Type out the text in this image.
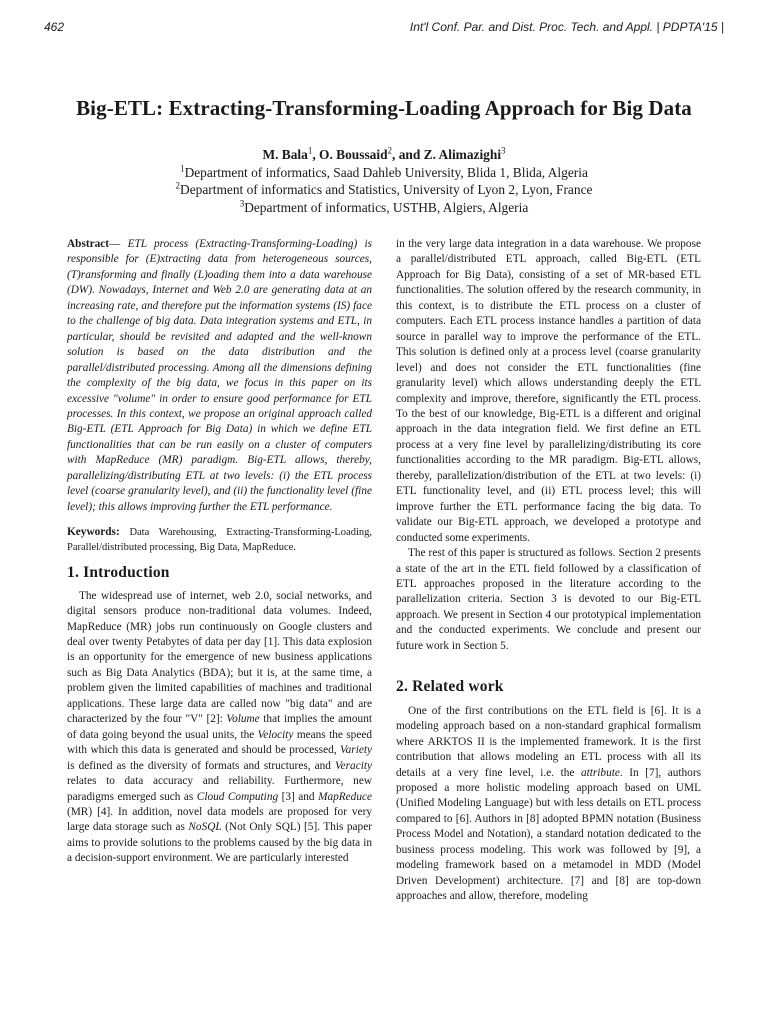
462	Int'l Conf. Par. and Dist. Proc. Tech. and Appl. | PDPTA'15 |
Big-ETL: Extracting-Transforming-Loading Approach for Big Data
M. Bala$^1$, O. Boussaid$^2$, and Z. Alimazighi$^3$
$^1$Department of informatics, Saad Dahleb University, Blida 1, Blida, Algeria
$^2$Department of informatics and Statistics, University of Lyon 2, Lyon, France
$^3$Department of informatics, USTHB, Algiers, Algeria

Abstract— ETL process (Extracting-Transforming-Loading) is responsible for (E)xtracting data from heterogeneous sources, (T)ransforming and finally (L)oading them into a data warehouse (DW). Nowadays, Internet and Web 2.0 are generating data at an increasing rate, and therefore put the information systems (IS) face to the challenge of big data. Data integration systems and ETL, in particular, should be revisited and adapted and the well-known solution is based on the data distribution and the parallel/distributed processing. Among all the dimensions defining the complexity of the big data, we focus in this paper on its excessive "volume" in order to ensure good performance for ETL processes. In this context, we propose an original approach called Big-ETL (ETL Approach for Big Data) in which we define ETL functionalities that can be run easily on a cluster of computers with MapReduce (MR) paradigm. Big-ETL allows, thereby, parallelizing/distributing ETL at two levels: (i) the ETL process level (coarse granularity level), and (ii) the functionality level (fine level); this allows improving further the ETL performance.

Keywords: Data Warehousing, Extracting-Transforming-Loading, Parallel/distributed processing, Big Data, MapReduce.

1. Introduction

The widespread use of internet, web 2.0, social networks, and digital sensors produce non-traditional data volumes. Indeed, MapReduce (MR) jobs run continuously on Google clusters and deal over twenty Petabytes of data per day [1]. This data explosion is an opportunity for the emergence of new business applications such as Big Data Analytics (BDA); but it is, at the same time, a problem given the limited capabilities of machines and traditional applications. These large data are called now "big data" and are characterized by the four "V" [2]: Volume that implies the amount of data going beyond the usual units, the Velocity means the speed with which this data is generated and should be processed, Variety is defined as the diversity of formats and structures, and Veracity relates to data accuracy and reliability. Furthermore, new paradigms emerged such as Cloud Computing [3] and MapReduce (MR) [4]. In addition, novel data models are proposed for very large data storage such as NoSQL (Not Only SQL) [5]. This paper aims to provide solutions to the problems caused by the big data in a decision-support environment. We are particularly interested

in the very large data integration in a data warehouse. We propose a parallel/distributed ETL approach, called Big-ETL (ETL Approach for Big Data), consisting of a set of MR-based ETL functionalities. The solution offered by the research community, in this context, is to distribute the ETL process on a cluster of computers. Each ETL process instance handles a partition of data source in parallel way to improve the performance of the ETL. This solution is defined only at a process level (coarse granularity level) and does not consider the ETL functionalities (fine granularity level) which allows understanding deeply the ETL complexity and improve, therefore, significantly the ETL process. To the best of our knowledge, Big-ETL is a different and original approach in the data integration field. We first define an ETL process at a very fine level by parallelizing/distributing its core functionalities according to the MR paradigm. Big-ETL allows, thereby, parallelization/distribution of the ETL at two levels: (i) ETL functionality level, and (ii) ETL process level; this will improve further the ETL performance facing the big data. To validate our Big-ETL approach, we developed a prototype and conducted some experiments.

The rest of this paper is structured as follows. Section 2 presents a state of the art in the ETL field followed by a classification of ETL approaches proposed in the literature according to the parallelization criteria. Section 3 is devoted to our Big-ETL approach. We present in Section 4 our prototypical implementation and the conducted experiments. We conclude and present our future work in Section 5.

2. Related work

One of the first contributions on the ETL field is [6]. It is a modeling approach based on a non-standard graphical formalism where ARKTOS II is the implemented framework. It is the first contribution that allows modeling an ETL process with all its details at a very fine level, i.e. the attribute. In [7], authors proposed a more holistic modeling approach based on UML (Unified Modeling Language) but with less details on ETL process compared to [6]. Authors in [8] adopted BPMN notation (Business Process Model and Notation), a standard notation dedicated to the business process modeling. This work was followed by [9], a modeling framework based on a metamodel in MDD (Model Driven Development) architecture. [7] and [8] are top-down approaches and allow, therefore, modeling
